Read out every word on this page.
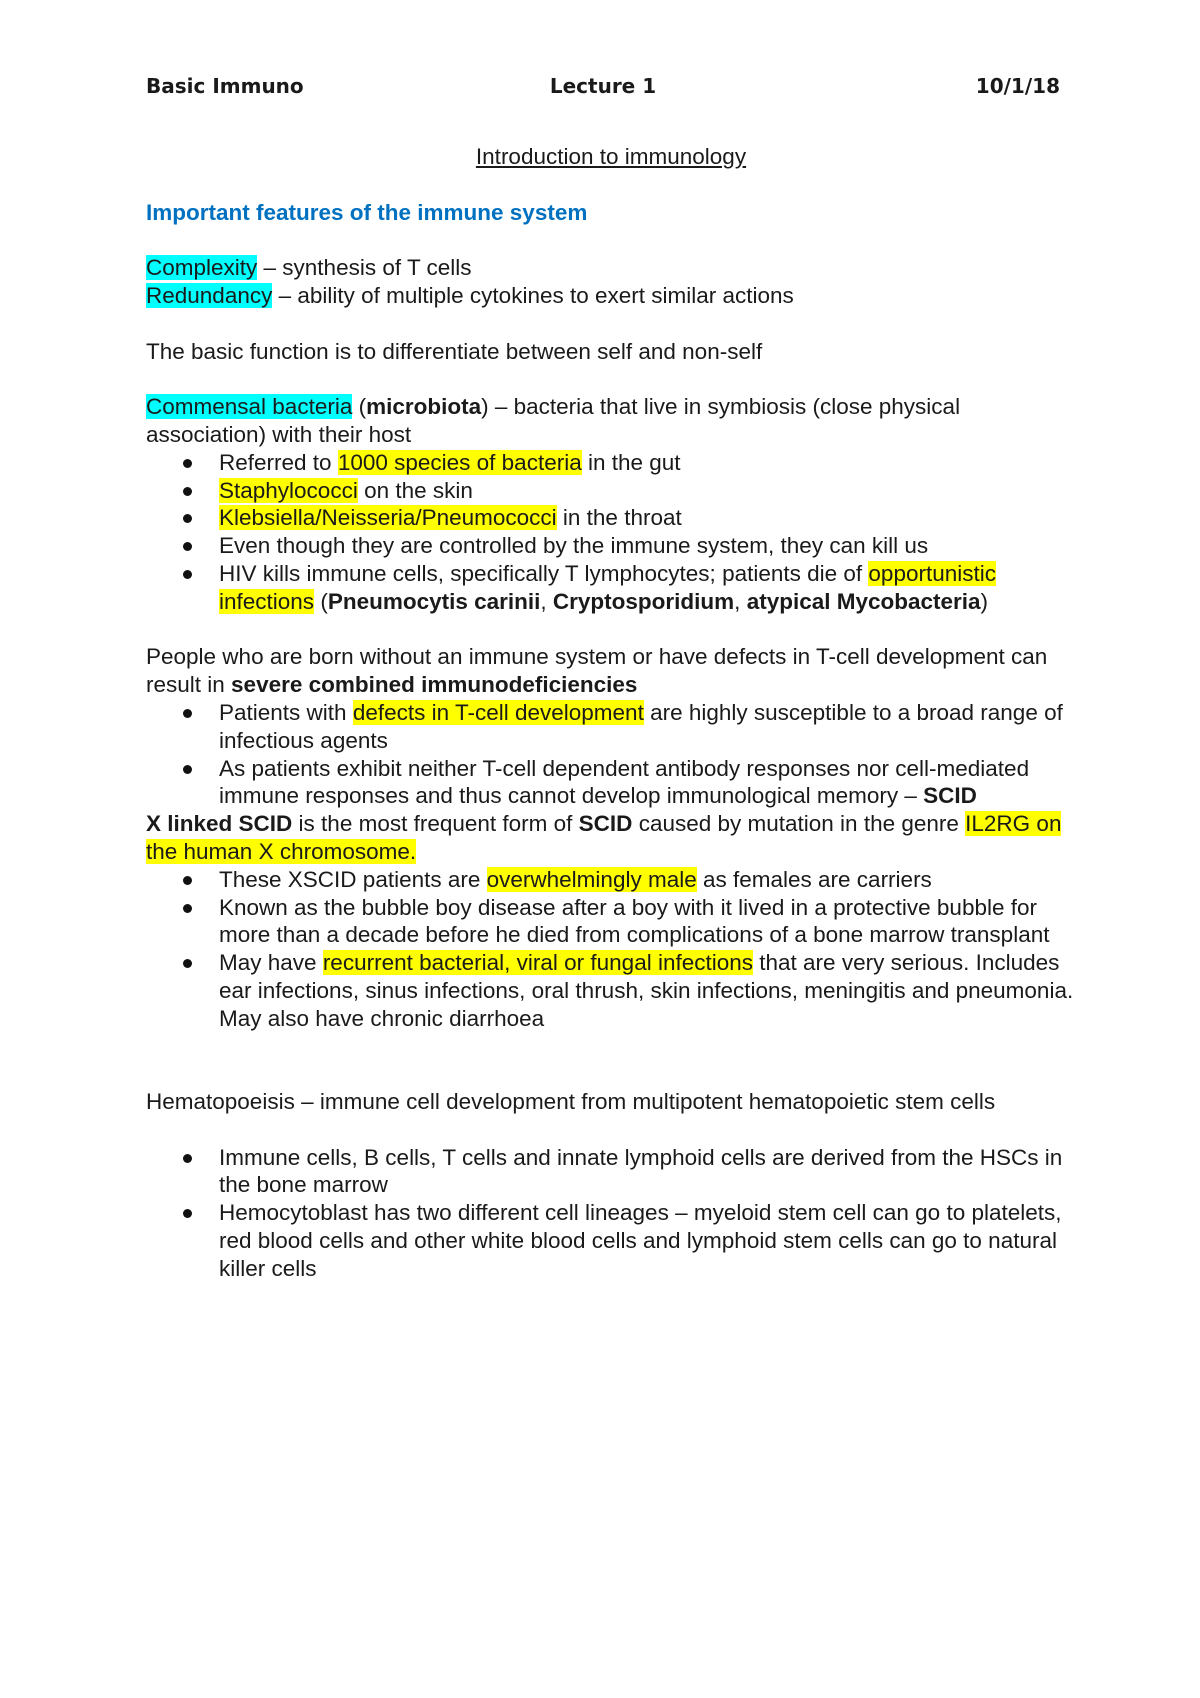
Basic Immuno	Lecture 1	10/1/18
Introduction to immunology
Important features of the immune system
Complexity – synthesis of T cells
Redundancy – ability of multiple cytokines to exert similar actions
The basic function is to differentiate between self and non-self
Commensal bacteria (microbiota) – bacteria that live in symbiosis (close physical association) with their host
Referred to 1000 species of bacteria in the gut
Staphylococci on the skin
Klebsiella/Neisseria/Pneumococci in the throat
Even though they are controlled by the immune system, they can kill us
HIV kills immune cells, specifically T lymphocytes; patients die of opportunistic infections (Pneumocytis carinii, Cryptosporidium, atypical Mycobacteria)
People who are born without an immune system or have defects in T-cell development can result in severe combined immunodeficiencies
Patients with defects in T-cell development are highly susceptible to a broad range of infectious agents
As patients exhibit neither T-cell dependent antibody responses nor cell-mediated immune responses and thus cannot develop immunological memory – SCID
X linked SCID is the most frequent form of SCID caused by mutation in the genre IL2RG on the human X chromosome.
These XSCID patients are overwhelmingly male as females are carriers
Known as the bubble boy disease after a boy with it lived in a protective bubble for more than a decade before he died from complications of a bone marrow transplant
May have recurrent bacterial, viral or fungal infections that are very serious. Includes ear infections, sinus infections, oral thrush, skin infections, meningitis and pneumonia. May also have chronic diarrhoea
Hematopoeisis – immune cell development from multipotent hematopoietic stem cells
Immune cells, B cells, T cells and innate lymphoid cells are derived from the HSCs in the bone marrow
Hemocytoblast has two different cell lineages – myeloid stem cell can go to platelets, red blood cells and other white blood cells and lymphoid stem cells can go to natural killer cells
